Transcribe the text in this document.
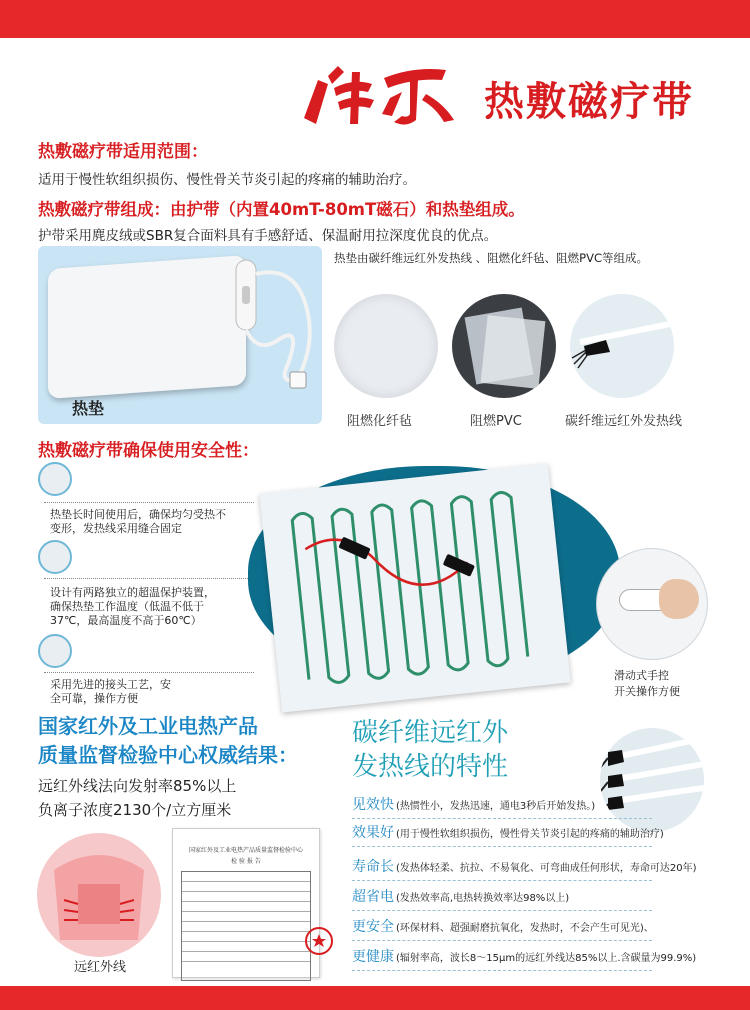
热敷磁疗带
热敷磁疗带适用范围：
适用于慢性软组织损伤、慢性骨关节炎引起的疼痛的辅助治疗。
热敷磁疗带组成：由护带（内置40mT-80mT磁石）和热垫组成。
护带采用麂皮绒或SBR复合面料具有手感舒适、保温耐用拉深度优良的优点。
热垫
热垫由碳纤维远红外发热线 、阻燃化纤毡、阻燃PVC等组成。
阻燃化纤毡	阻燃PVC	碳纤维远红外发热线
热敷磁疗带确保使用安全性：
热垫长时间使用后，确保均匀受热不
变形，发热线采用缝合固定
设计有两路独立的超温保护装置，
确保热垫工作温度（低温不低于
37℃，最高温度不高于60℃）
采用先进的接头工艺，安
全可靠，操作方便
滑动式手控
开关操作方便
国家红外及工业电热产品
质量监督检验中心权威结果：
远红外线法向发射率85%以上
负离子浓度2130个/立方厘米
远红外线
国家红外及工业电热产品质量监督检验中心
检 验 报 告
碳纤维远红外
发热线的特性
见效快 (热惯性小，发热迅速，通电3秒后开始发热。)
效果好 (用于慢性软组织损伤，慢性骨关节炎引起的疼痛的辅助治疗)
寿命长 (发热体轻柔、抗拉、不易氧化、可弯曲成任何形状，寿命可达20年)
超省电 (发热效率高,电热转换效率达98%以上)
更安全 (环保材料、超强耐磨抗氧化，发热时，不会产生可见光)、
更健康 (辐射率高，波长8～15μm的远红外线达85%以上.含碳量为99.9%)
